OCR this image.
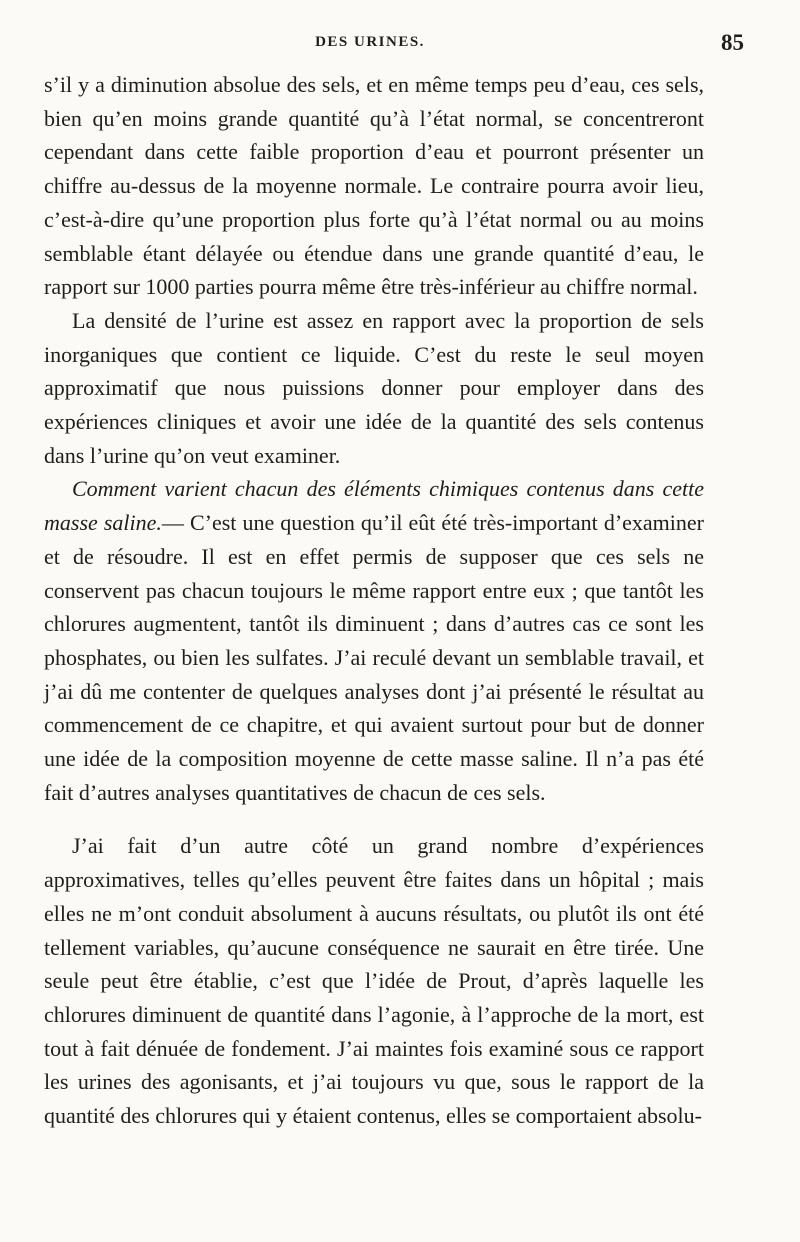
DES URINES.	85

s’il y a diminution absolue des sels, et en même temps peu d’eau, ces sels, bien qu’en moins grande quantité qu’à l’état normal, se concentreront cependant dans cette faible proportion d’eau et pourront présenter un chiffre au-dessus de la moyenne normale. Le contraire pourra avoir lieu, c’est-à-dire qu’une proportion plus forte qu’à l’état normal ou au moins semblable étant délayée ou étendue dans une grande quantité d’eau, le rapport sur 1000 parties pourra même être très-inférieur au chiffre normal.

La densité de l’urine est assez en rapport avec la proportion de sels inorganiques que contient ce liquide. C’est du reste le seul moyen approximatif que nous puissions donner pour employer dans des expériences cliniques et avoir une idée de la quantité des sels contenus dans l’urine qu’on veut examiner.

Comment varient chacun des éléments chimiques contenus dans cette masse saline.— C’est une question qu’il eût été très-important d’examiner et de résoudre. Il est en effet permis de supposer que ces sels ne conservent pas chacun toujours le même rapport entre eux ; que tantôt les chlorures augmentent, tantôt ils diminuent ; dans d’autres cas ce sont les phosphates, ou bien les sulfates. J’ai reculé devant un semblable travail, et j’ai dû me contenter de quelques analyses dont j’ai présenté le résultat au commencement de ce chapitre, et qui avaient surtout pour but de donner une idée de la composition moyenne de cette masse saline. Il n’a pas été fait d’autres analyses quantitatives de chacun de ces sels.

J’ai fait d’un autre côté un grand nombre d’expériences approximatives, telles qu’elles peuvent être faites dans un hôpital ; mais elles ne m’ont conduit absolument à aucuns résultats, ou plutôt ils ont été tellement variables, qu’aucune conséquence ne saurait en être tirée. Une seule peut être établie, c’est que l’idée de Prout, d’après laquelle les chlorures diminuent de quantité dans l’agonie, à l’approche de la mort, est tout à fait dénuée de fondement. J’ai maintes fois examiné sous ce rapport les urines des agonisants, et j’ai toujours vu que, sous le rapport de la quantité des chlorures qui y étaient contenus, elles se comportaient absolu-
